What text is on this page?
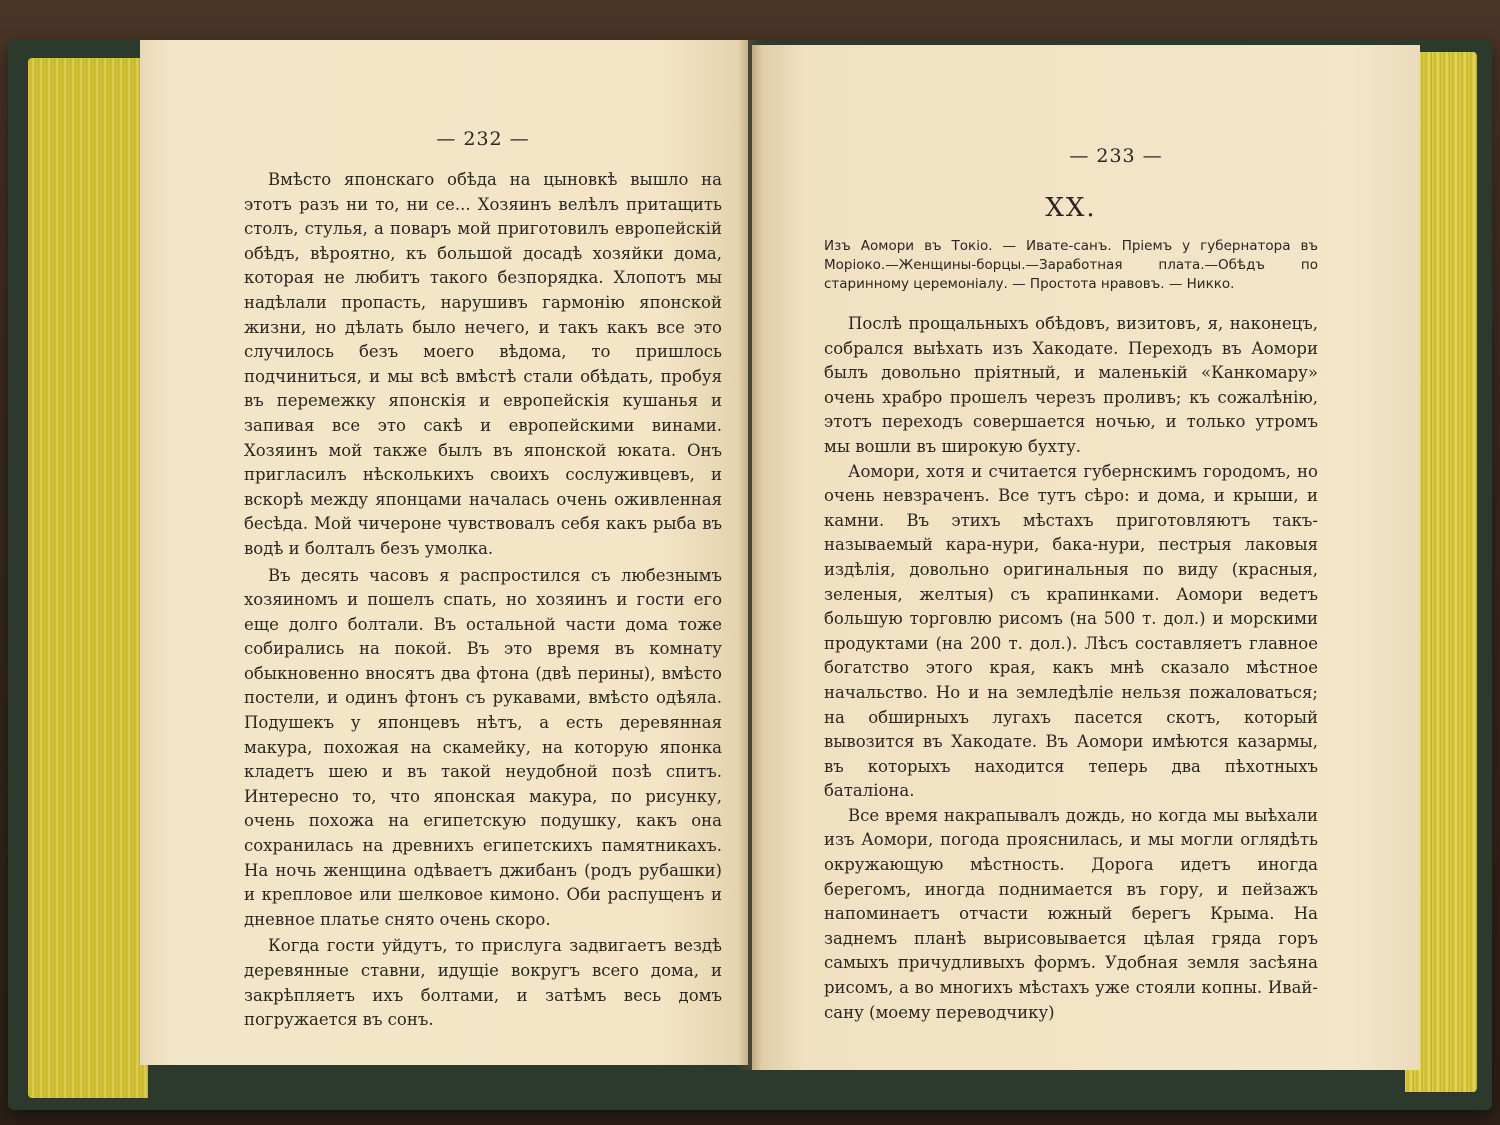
— 232 —

Вмѣсто японскаго обѣда на цыновкѣ вышло на этотъ разъ ни то, ни се... Хозяинъ велѣлъ притащить столъ, стулья, а поваръ мой приготовилъ европейскій обѣдъ, вѣроятно, къ большой досадѣ хозяйки дома, которая не любитъ такого безпорядка. Хлопотъ мы надѣлали пропасть, нарушивъ гармонію японской жизни, но дѣлать было нечего, и такъ какъ все это случилось безъ моего вѣдома, то пришлось подчиниться, и мы всѣ вмѣстѣ стали обѣдать, пробуя въ перемежку японскія и европейскія кушанья и запивая все это сакѣ и европейскими винами. Хозяинъ мой также былъ въ японской юката. Онъ пригласилъ нѣсколькихъ своихъ сослуживцевъ, и вскорѣ между японцами началась очень оживленная бесѣда. Мой чичероне чувствовалъ себя какъ рыба въ водѣ и болталъ безъ умолка.

Въ десять часовъ я распростился съ любезнымъ хозяиномъ и пошелъ спать, но хозяинъ и гости его еще долго болтали. Въ остальной части дома тоже собирались на покой. Въ это время въ комнату обыкновенно вносятъ два фтона (двѣ перины), вмѣсто постели, и одинъ фтонъ съ рукавами, вмѣсто одѣяла. Подушекъ у японцевъ нѣтъ, а есть деревянная макура, похожая на скамейку, на которую японка кладетъ шею и въ такой неудобной позѣ спитъ. Интересно то, что японская макура, по рисунку, очень похожа на египетскую подушку, какъ она сохранилась на древнихъ египетскихъ памятникахъ. На ночь женщина одѣваетъ джибанъ (родъ рубашки) и крепловое или шелковое кимоно. Оби распущенъ и дневное платье снято очень скоро.

Когда гости уйдутъ, то прислуга задвигаетъ вездѣ деревянные ставни, идущіе вокругъ всего дома, и закрѣпляетъ ихъ болтами, и затѣмъ весь домъ погружается въ сонъ.

— 233 —
XX.

Изъ Аомори въ Токіо. — Ивате-санъ. Пріемъ у губернатора въ Моріоко.—Женщины-борцы.—Заработная плата.—Обѣдъ по старинному церемоніалу. — Простота нравовъ. — Никко.

Послѣ прощальныхъ обѣдовъ, визитовъ, я, наконецъ, собрался выѣхать изъ Хакодате. Переходъ въ Аомори былъ довольно пріятный, и маленькій «Канкомару» очень храбро прошелъ черезъ проливъ; къ сожалѣнію, этотъ переходъ совершается ночью, и только утромъ мы вошли въ широкую бухту.

Аомори, хотя и считается губернскимъ городомъ, но очень невзраченъ. Все тутъ сѣро: и дома, и крыши, и камни. Въ этихъ мѣстахъ приготовляютъ такъ-называемый кара-нури, бака-нури, пестрыя лаковыя издѣлія, довольно оригинальныя по виду (красныя, зеленыя, желтыя) съ крапинками. Аомори ведетъ большую торговлю рисомъ (на 500 т. дол.) и морскими продуктами (на 200 т. дол.). Лѣсъ составляетъ главное богатство этого края, какъ мнѣ сказало мѣстное начальство. Но и на земледѣліе нельзя пожаловаться; на обширныхъ лугахъ пасется скотъ, который вывозится въ Хакодате. Въ Аомори имѣются казармы, въ которыхъ находится теперь два пѣхотныхъ баталіона.

Все время накрапывалъ дождь, но когда мы выѣхали изъ Аомори, погода прояснилась, и мы могли оглядѣть окружающую мѣстность. Дорога идетъ иногда берегомъ, иногда поднимается въ гору, и пейзажъ напоминаетъ отчасти южный берегъ Крыма. На заднемъ планѣ вырисовывается цѣлая гряда горъ самыхъ причудливыхъ формъ. Удобная земля засѣяна рисомъ, а во многихъ мѣстахъ уже стояли копны. Ивай-сану (моему переводчику)
